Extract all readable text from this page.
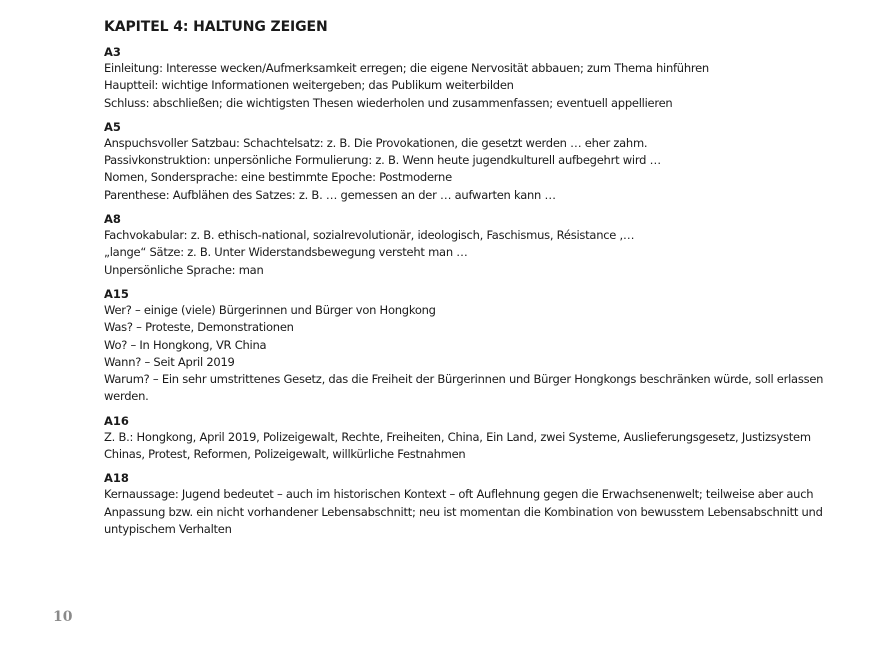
KAPITEL 4: HALTUNG ZEIGEN
A3
Einleitung: Interesse wecken/Aufmerksamkeit erregen; die eigene Nervosität abbauen; zum Thema hinführen
Hauptteil: wichtige Informationen weitergeben; das Publikum weiterbilden
Schluss: abschließen; die wichtigsten Thesen wiederholen und zusammenfassen; eventuell appellieren
A5
Anspuchsvoller Satzbau: Schachtelsatz: z. B. Die Provokationen, die gesetzt werden … eher zahm.
Passivkonstruktion: unpersönliche Formulierung: z. B. Wenn heute jugendkulturell aufbegehrt wird …
Nomen, Sondersprache: eine bestimmte Epoche: Postmoderne
Parenthese: Aufblähen des Satzes: z. B. … gemessen an der … aufwarten kann …
A8
Fachvokabular: z. B. ethisch-national, sozialrevolutionär, ideologisch, Faschismus, Résistance ,…
„lange“ Sätze: z. B. Unter Widerstandsbewegung versteht man …
Unpersönliche Sprache: man
A15
Wer? – einige (viele) Bürgerinnen und Bürger von Hongkong
Was? – Proteste, Demonstrationen
Wo? – In Hongkong, VR China
Wann? – Seit April 2019
Warum? – Ein sehr umstrittenes Gesetz, das die Freiheit der Bürgerinnen und Bürger Hongkongs beschränken würde, soll erlassen
werden.
A16
Z. B.: Hongkong, April 2019, Polizeigewalt, Rechte, Freiheiten, China, Ein Land, zwei Systeme, Auslieferungsgesetz, Justizsystem
Chinas, Protest, Reformen, Polizeigewalt, willkürliche Festnahmen
A18
Kernaussage: Jugend bedeutet – auch im historischen Kontext – oft Auflehnung gegen die Erwachsenenwelt; teilweise aber auch
Anpassung bzw. ein nicht vorhandener Lebensabschnitt; neu ist momentan die Kombination von bewusstem Lebensabschnitt und
untypischem Verhalten
10
